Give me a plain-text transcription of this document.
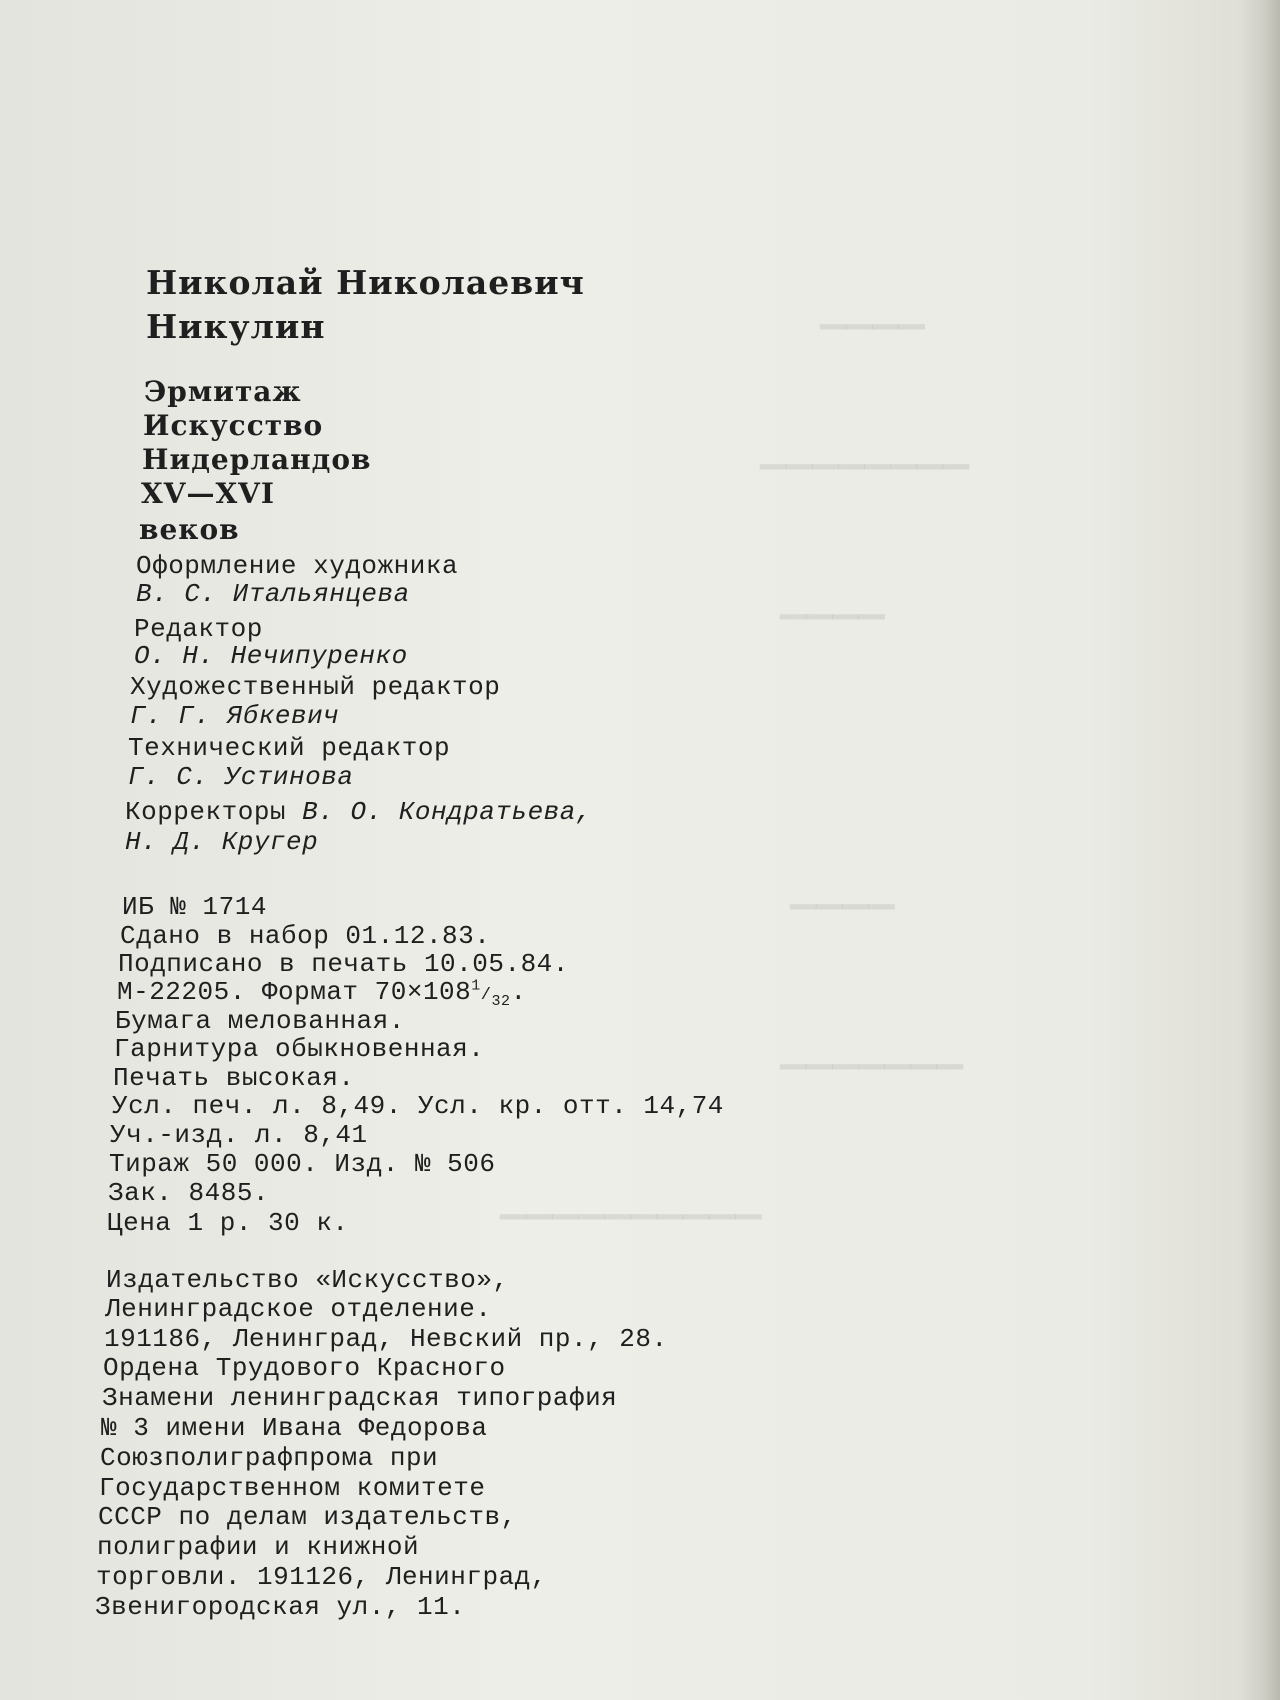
▁▁▁▁
▁▁▁▁▁▁▁▁
▁▁▁▁
▁▁▁▁
▁▁▁▁▁▁▁
▁▁▁▁▁▁▁▁▁▁
Николай Николаевич
Никулин
Эрмитаж
Искусство
Нидерландов
XV—XVI
веков
Оформление художника
В. С. Итальянцева
Редактор
О. Н. Нечипуренко
Художественный редактор
Г. Г. Ябкевич
Технический редактор
Г. С. Устинова
Корректоры В. О. Кондратьева,
Н. Д. Кругер
ИБ № 1714
Сдано в набор 01.12.83.
Подписано в печать 10.05.84.
М-22205. Формат $70\times 108^1/_{32}$.
Бумага мелованная.
Гарнитура обыкновенная.
Печать высокая.
Усл. печ. л. 8,49. Усл. кр. отт. 14,74
Уч.-изд. л. 8,41
Тираж 50 000. Изд. № 506
Зак. 8485.
Цена 1 р. 30 к.
Издательство «Искусство»,
Ленинградское отделение.
191186, Ленинград, Невский пр., 28.
Ордена Трудового Красного
Знамени ленинградская типография
№ 3 имени Ивана Федорова
Союзполиграфпрома при
Государственном комитете
СССР по делам издательств,
полиграфии и книжной
торговли. 191126, Ленинград,
Звенигородская ул., 11.
